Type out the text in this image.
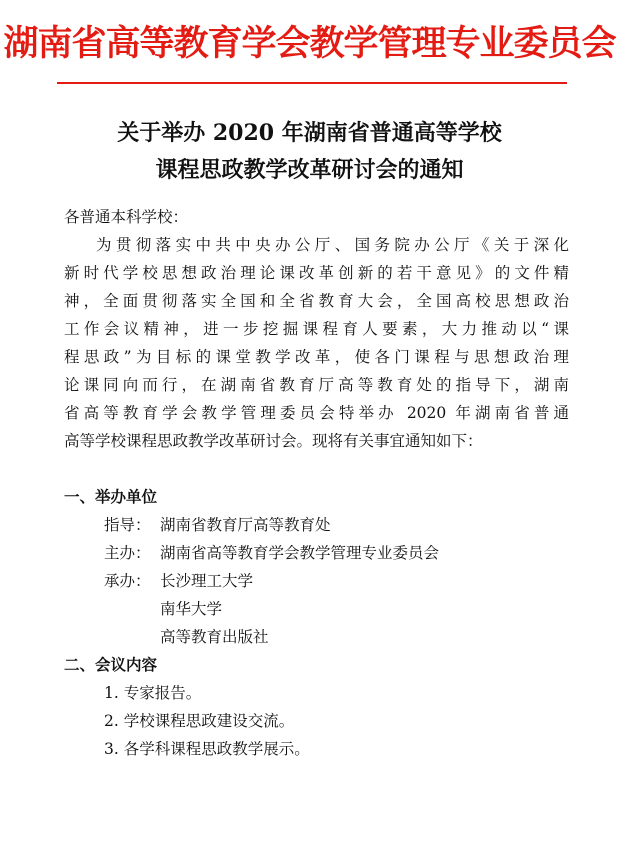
湖南省高等教育学会教学管理专业委员会
关于举办 2020 年湖南省普通高等学校
课程思政教学改革研讨会的通知
各普通本科学校：
为贯彻落实中共中央办公厅、国务院办公厅《关于深化
新时代学校思想政治理论课改革创新的若干意见》的文件精
神，全面贯彻落实全国和全省教育大会，全国高校思想政治
工作会议精神，进一步挖掘课程育人要素，大力推动以“课
程思政”为目标的课堂教学改革，使各门课程与思想政治理
论课同向而行，在湖南省教育厅高等教育处的指导下，湖南
省高等教育学会教学管理委员会特举办 2020 年湖南省普通
高等学校课程思政教学改革研讨会。现将有关事宜通知如下：
一、举办单位
指导： 湖南省教育厅高等教育处
主办： 湖南省高等教育学会教学管理专业委员会
承办： 长沙理工大学
南华大学
高等教育出版社
二、会议内容
1. 专家报告。
2. 学校课程思政建设交流。
3. 各学科课程思政教学展示。
